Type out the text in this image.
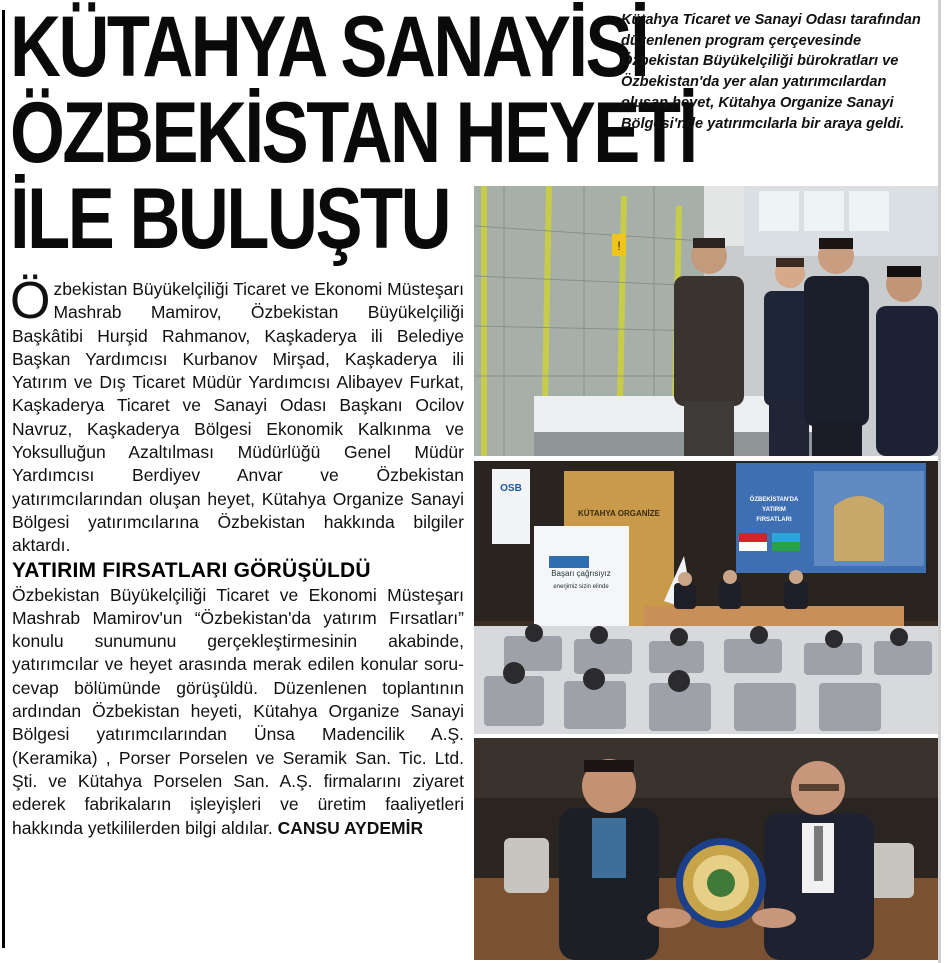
KÜTAHYA SANAYİSİ
ÖZBEKİSTAN HEYETİ
İLE BULUŞTU

Kütahya Ticaret ve Sanayi Odası tarafından düzenlenen program çerçevesinde Özbekistan Büyükelçiliği bürokratları ve Özbekistan'da yer alan yatırımcılardan oluşan heyet, Kütahya Organize Sanayi Bölgesi'nde yatırımcılarla bir araya geldi.

Özbekistan Büyükelçiliği Ticaret ve Ekonomi Müsteşarı Mashrab Mamirov, Özbekistan Büyükelçiliği Başkâtibi Hurşid Rahmanov, Kaşkaderya ili Belediye Başkan Yardımcısı Kurbanov Mirşad, Kaşkaderya ili Yatırım ve Dış Ticaret Müdür Yardımcısı Alibayev Furkat, Kaşkaderya Ticaret ve Sanayi Odası Başkanı Ocilov Navruz, Kaşkaderya Bölgesi Ekonomik Kalkınma ve Yoksulluğun Azaltılması Müdürlüğü Genel Müdür Yardımcısı Berdiyev Anvar ve Özbekistan yatırımcılarından oluşan heyet, Kütahya Organize Sanayi Bölgesi yatırımcılarına Özbekistan hakkında bilgiler aktardı.

YATIRIM FIRSATLARI GÖRÜŞÜLDÜ

Özbekistan Büyükelçiliği Ticaret ve Ekonomi Müsteşarı Mashrab Mamirov'un “Özbekistan'da yatırım Fırsatları” konulu sunumunu gerçekleştirmesinin akabinde, yatırımcılar ve heyet arasında merak edilen konular soru-cevap bölümünde görüşüldü. Düzenlenen toplantının ardından Özbekistan heyeti, Kütahya Organize Sanayi Bölgesi yatırımcılarından Ünsa Madencilik A.Ş. (Keramika) , Porser Porselen ve Seramik San. Tic. Ltd. Şti. ve Kütahya Porselen San. A.Ş. firmalarını ziyaret ederek fabrikaların işleyişleri ve üretim faaliyetleri hakkında yetkililerden bilgi aldılar. CANSU AYDEMİR

!
KÜTAHYA ORGANİZE
OSB
Başarı çağrısıyız
enerjimiz sizin elinde
ÖZBEKİSTAN'DA
YATIRIM
FIRSATLARI
